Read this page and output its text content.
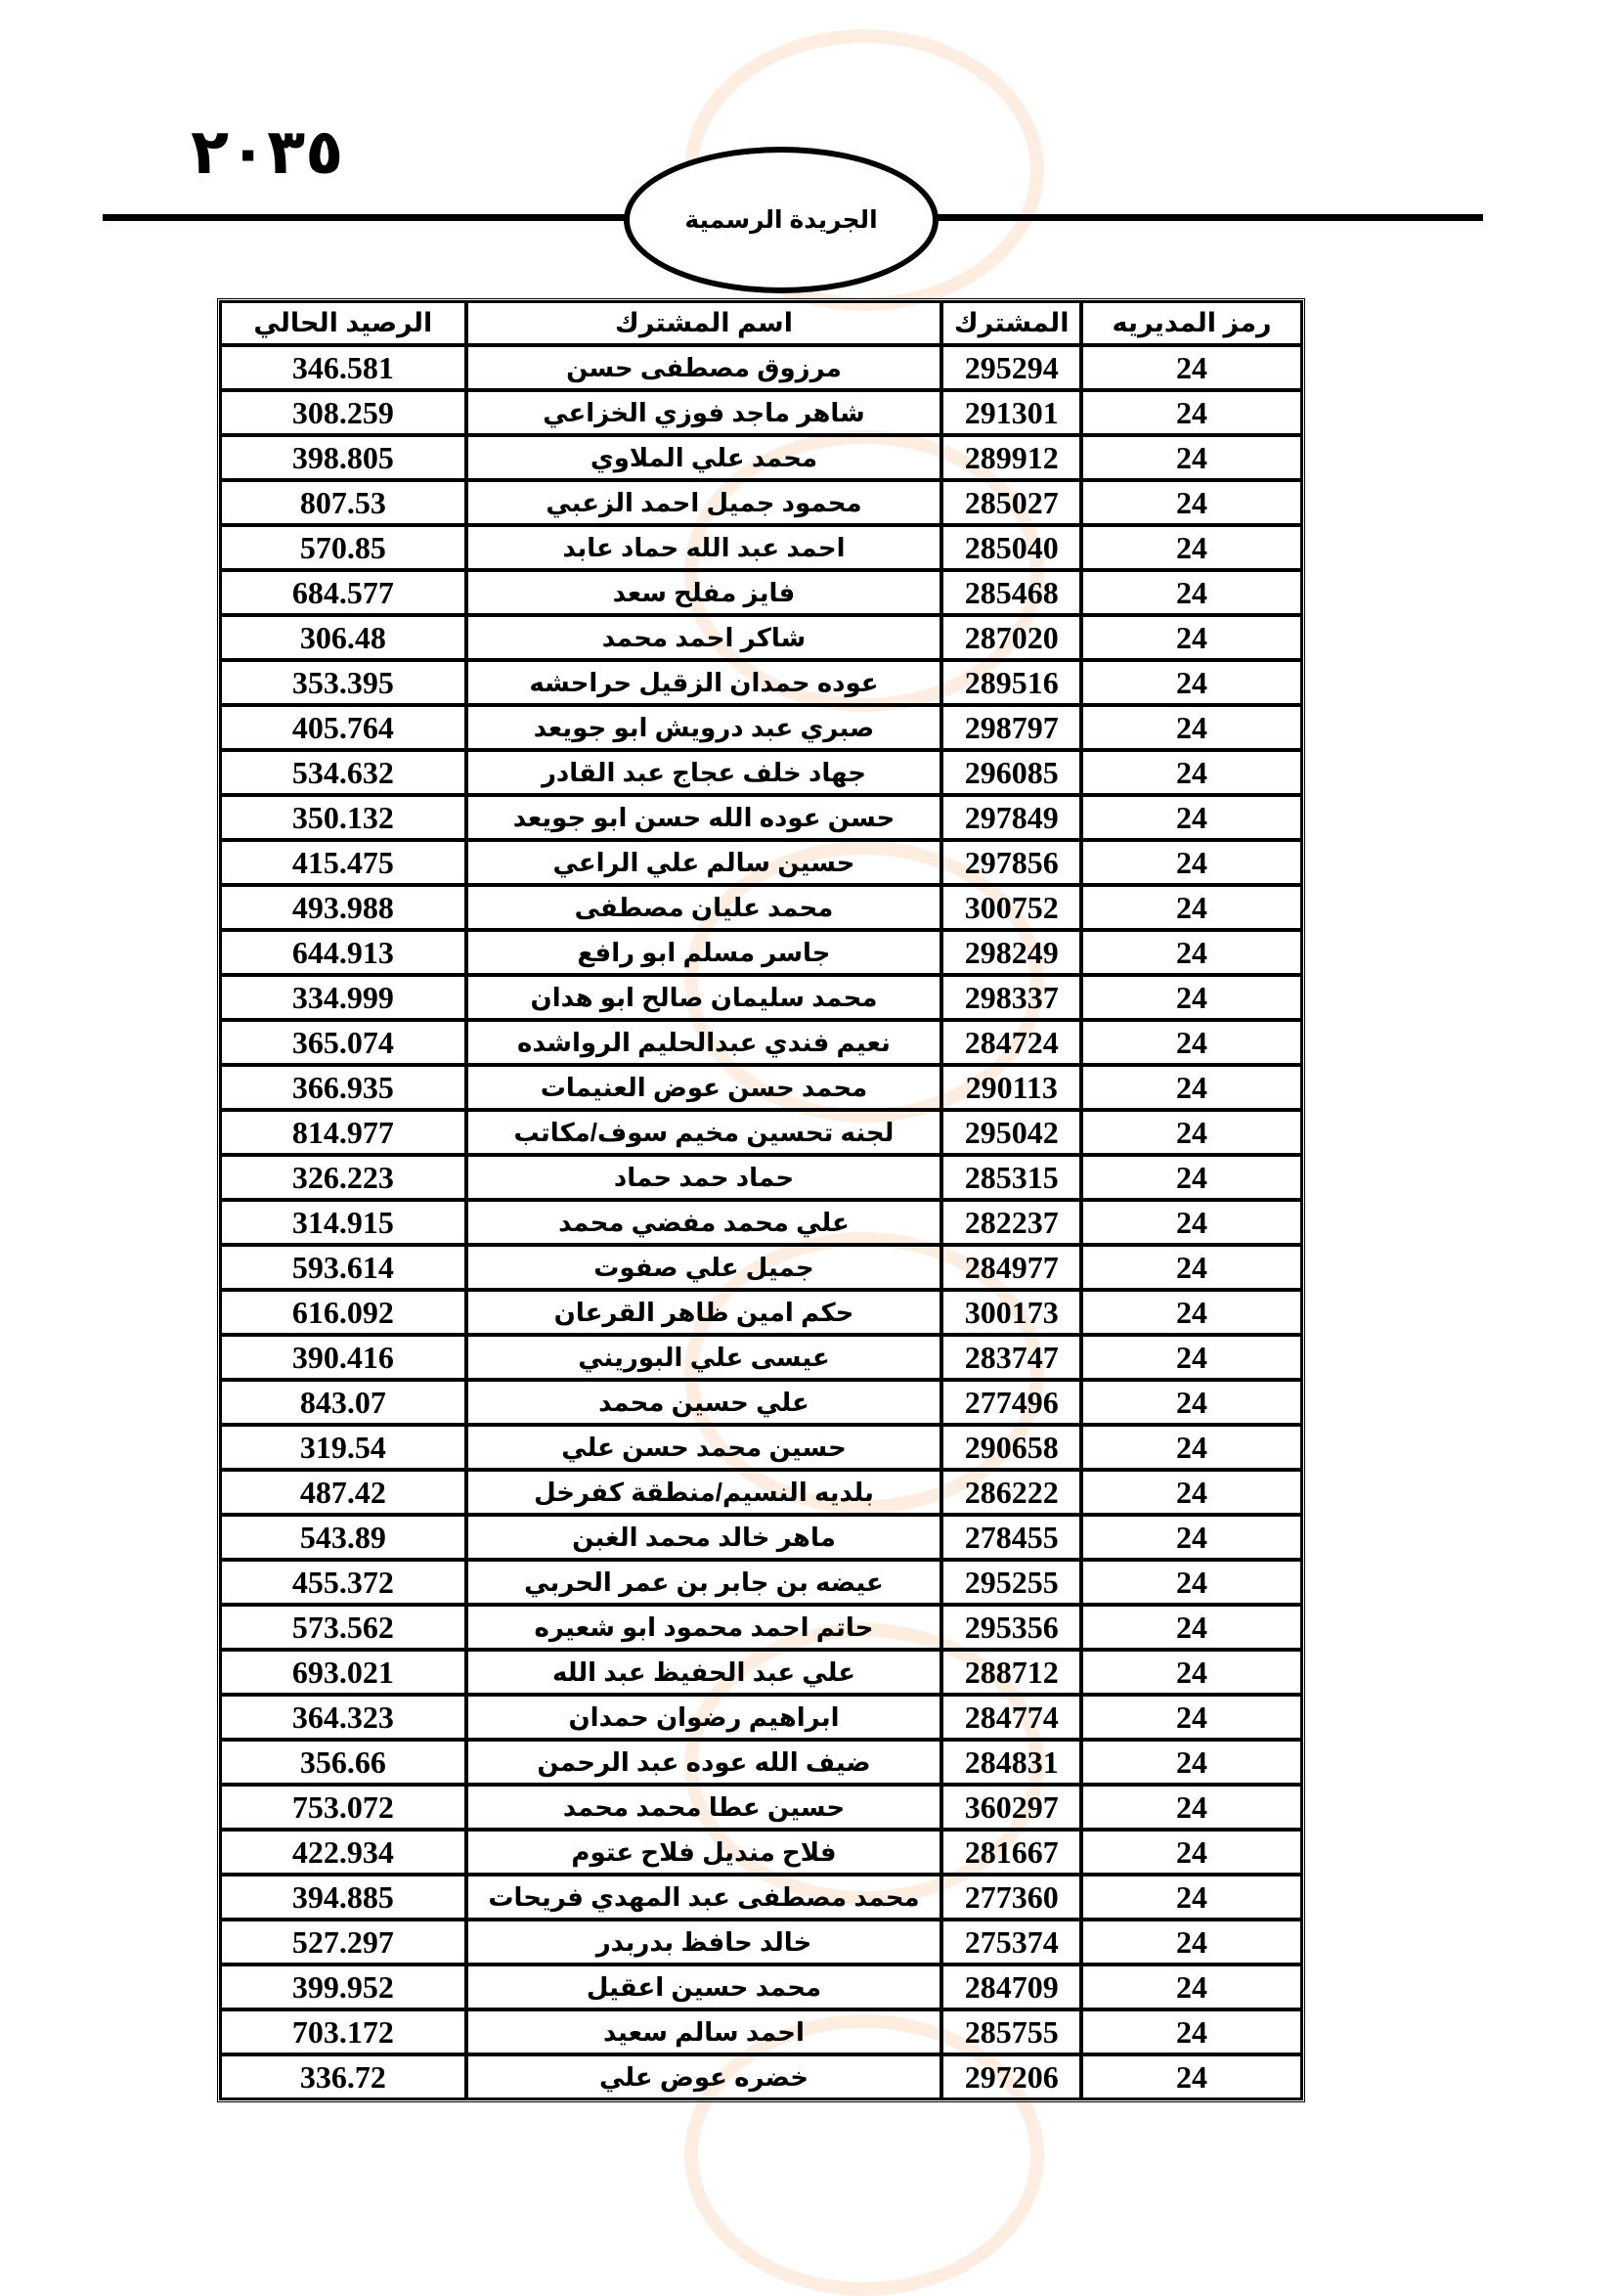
٢٠٣٥
الجريدة الرسمية
رمز المديريه	المشترك	اسم المشترك	الرصيد الحالي
24	295294	مرزوق مصطفى حسن	346.581
24	291301	شاهر ماجد فوزي الخزاعي	308.259
24	289912	محمد علي الملاوي	398.805
24	285027	محمود جميل احمد الزعبي	807.53
24	285040	احمد عبد الله حماد عابد	570.85
24	285468	فايز مفلح سعد	684.577
24	287020	شاكر احمد محمد	306.48
24	289516	عوده حمدان الزقيل حراحشه	353.395
24	298797	صبري عبد درويش ابو جويعد	405.764
24	296085	جهاد خلف عجاج عبد القادر	534.632
24	297849	حسن عوده الله حسن ابو جويعد	350.132
24	297856	حسين سالم علي الراعي	415.475
24	300752	محمد عليان مصطفى	493.988
24	298249	جاسر مسلم ابو رافع	644.913
24	298337	محمد سليمان صالح ابو هدان	334.999
24	284724	نعيم فندي عبدالحليم الرواشده	365.074
24	290113	محمد حسن عوض العنيمات	366.935
24	295042	لجنه تحسين مخيم سوف/مكاتب	814.977
24	285315	حماد حمد حماد	326.223
24	282237	علي محمد مفضي محمد	314.915
24	284977	جميل علي صفوت	593.614
24	300173	حكم امين ظاهر القرعان	616.092
24	283747	عيسى علي البوريني	390.416
24	277496	علي حسين محمد	843.07
24	290658	حسين محمد حسن علي	319.54
24	286222	بلديه النسيم/منطقة كفرخل	487.42
24	278455	ماهر خالد محمد الغبن	543.89
24	295255	عيضه بن جابر بن عمر الحربي	455.372
24	295356	حاتم احمد محمود ابو شعيره	573.562
24	288712	علي عبد الحفيظ عبد الله	693.021
24	284774	ابراهيم رضوان حمدان	364.323
24	284831	ضيف الله عوده عبد الرحمن	356.66
24	360297	حسين عطا محمد محمد	753.072
24	281667	فلاح منديل فلاح عتوم	422.934
24	277360	محمد مصطفى عبد المهدي فريحات	394.885
24	275374	خالد حافظ بدربدر	527.297
24	284709	محمد حسين اعقيل	399.952
24	285755	احمد سالم سعيد	703.172
24	297206	خضره عوض علي	336.72
